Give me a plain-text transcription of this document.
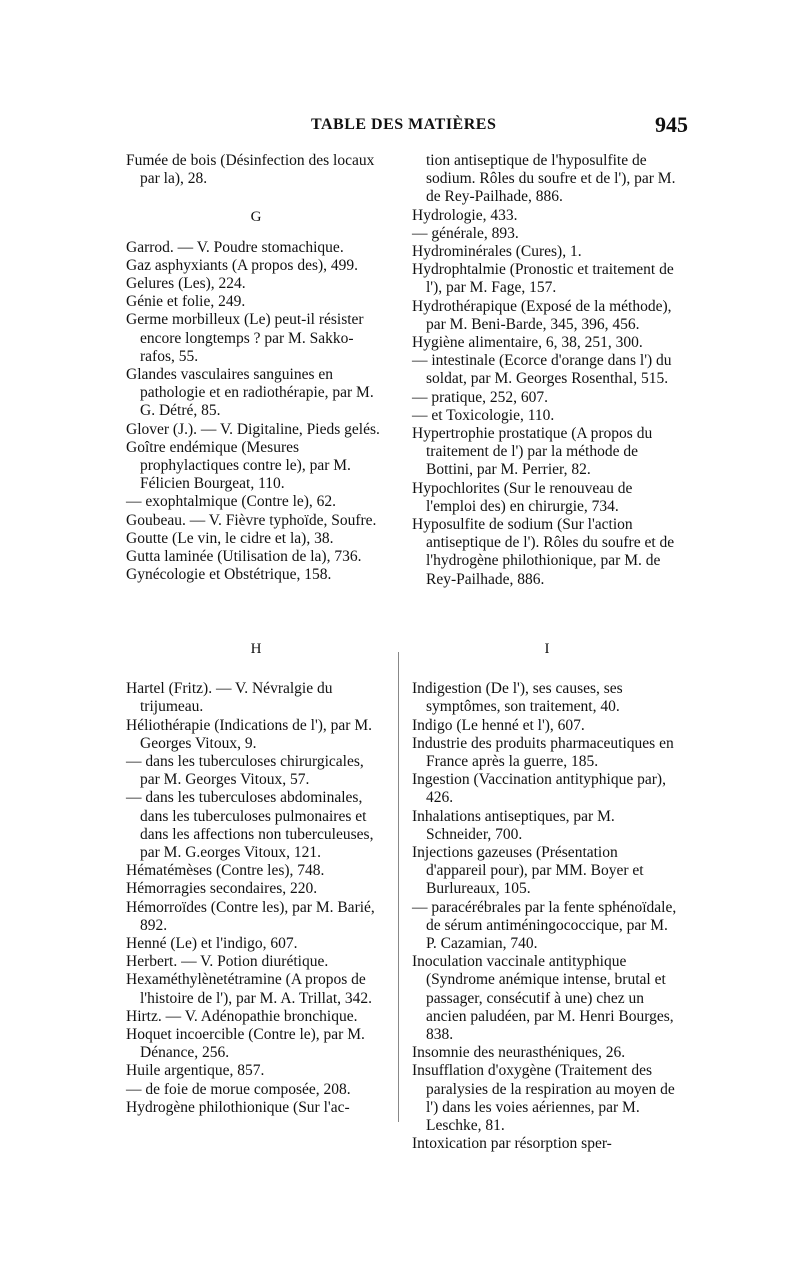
TABLE DES MATIÈRES	945

Fumée de bois (Désinfection des locaux par la), 28.

G

Garrod. — V. Poudre stomachique.

Gaz asphyxiants (A propos des), 499.

Gelures (Les), 224.

Génie et folie, 249.

Germe morbilleux (Le) peut-il résister encore longtemps ? par M. Sakko-rafos, 55.

Glandes vasculaires sanguines en pathologie et en radiothérapie, par M. G. Détré, 85.

Glover (J.). — V. Digitaline, Pieds gelés.

Goître endémique (Mesures prophylactiques contre le), par M. Félicien Bourgeat, 110.

— exophtalmique (Contre le), 62.

Goubeau. — V. Fièvre typhoïde, Soufre.

Goutte (Le vin, le cidre et la), 38.

Gutta laminée (Utilisation de la), 736.

Gynécologie et Obstétrique, 158.

tion antiseptique de l'hyposulfite de sodium. Rôles du soufre et de l'), par M. de Rey-Pailhade, 886.

Hydrologie, 433.

— générale, 893.

Hydrominérales (Cures), 1.

Hydrophtalmie (Pronostic et traitement de l'), par M. Fage, 157.

Hydrothérapique (Exposé de la méthode), par M. Beni-Barde, 345, 396, 456.

Hygiène alimentaire, 6, 38, 251, 300.

— intestinale (Ecorce d'orange dans l') du soldat, par M. Georges Rosenthal, 515.

— pratique, 252, 607.

— et Toxicologie, 110.

Hypertrophie prostatique (A propos du traitement de l') par la méthode de Bottini, par M. Perrier, 82.

Hypochlorites (Sur le renouveau de l'emploi des) en chirurgie, 734.

Hyposulfite de sodium (Sur l'action antiseptique de l'). Rôles du soufre et de l'hydrogène philothionique, par M. de Rey-Pailhade, 886.

H

Hartel (Fritz). — V. Névralgie du trijumeau.

Héliothérapie (Indications de l'), par M. Georges Vitoux, 9.

— dans les tuberculoses chirurgicales, par M. Georges Vitoux, 57.

— dans les tuberculoses abdominales, dans les tuberculoses pulmonaires et dans les affections non tuberculeuses, par M. G.eorges Vitoux, 121.

Hématémèses (Contre les), 748.

Hémorragies secondaires, 220.

Hémorroïdes (Contre les), par M. Barié, 892.

Henné (Le) et l'indigo, 607.

Herbert. — V. Potion diurétique.

Hexaméthylènetétramine (A propos de l'histoire de l'), par M. A. Trillat, 342.

Hirtz. — V. Adénopathie bronchique.

Hoquet incoercible (Contre le), par M. Dénance, 256.

Huile argentique, 857.

— de foie de morue composée, 208.

Hydrogène philothionique (Sur l'ac-

I

Indigestion (De l'), ses causes, ses symptômes, son traitement, 40.

Indigo (Le henné et l'), 607.

Industrie des produits pharmaceutiques en France après la guerre, 185.

Ingestion (Vaccination antityphique par), 426.

Inhalations antiseptiques, par M. Schneider, 700.

Injections gazeuses (Présentation d'appareil pour), par MM. Boyer et Burlureaux, 105.

— paracérébrales par la fente sphénoïdale, de sérum antiméningococcique, par M. P. Cazamian, 740.

Inoculation vaccinale antityphique (Syndrome anémique intense, brutal et passager, consécutif à une) chez un ancien paludéen, par M. Henri Bourges, 838.

Insomnie des neurasthéniques, 26.

Insufflation d'oxygène (Traitement des paralysies de la respiration au moyen de l') dans les voies aériennes, par M. Leschke, 81.

Intoxication par résorption sper-
